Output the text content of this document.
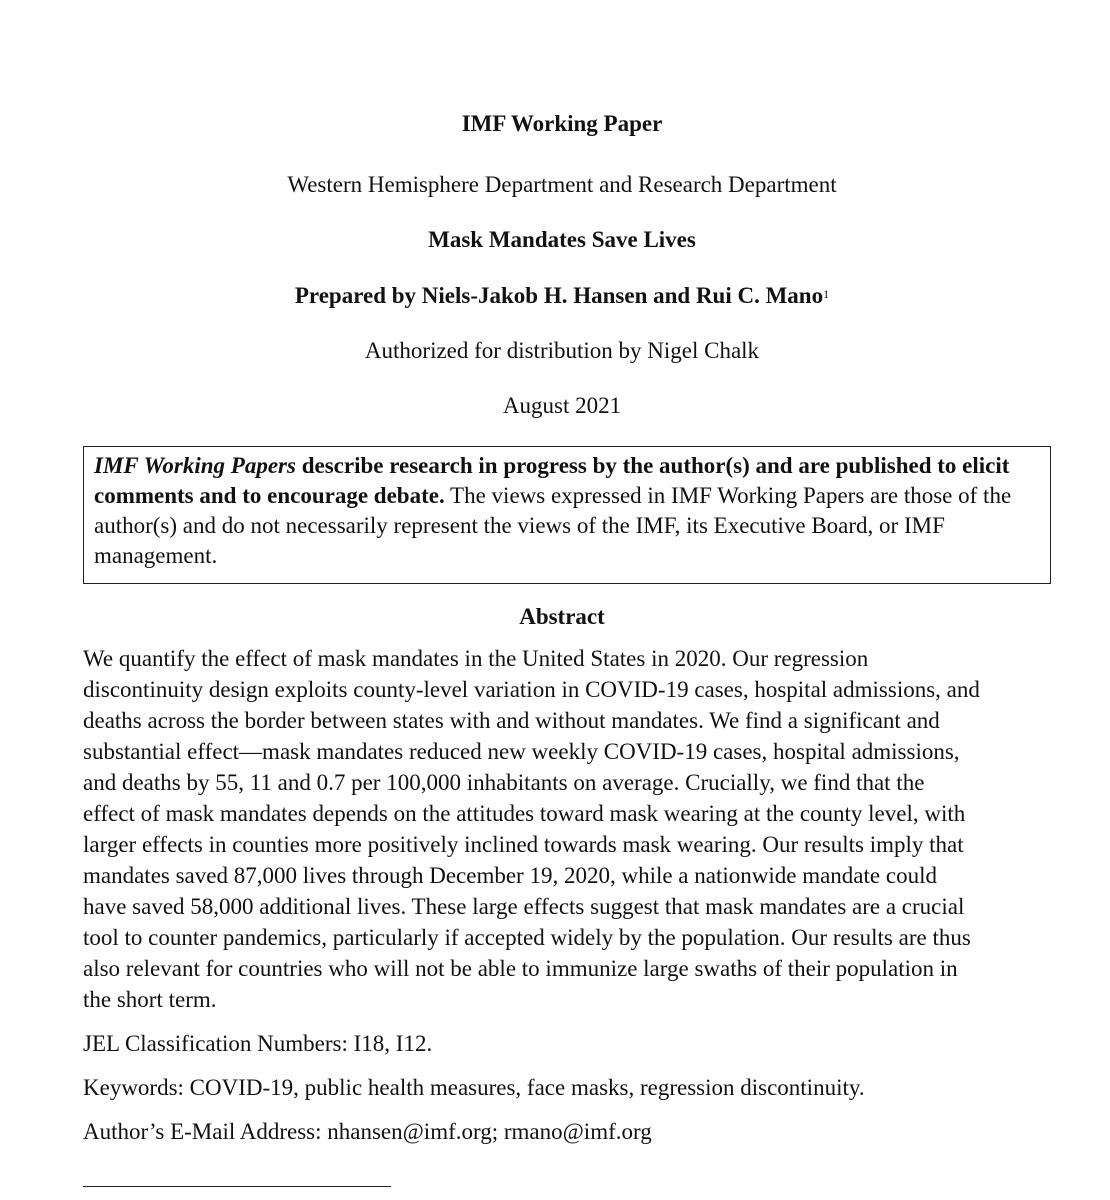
IMF Working Paper
Western Hemisphere Department and Research Department
Mask Mandates Save Lives
Prepared by Niels-Jakob H. Hansen and Rui C. Mano$^1$
Authorized for distribution by Nigel Chalk
August 2021
IMF Working Papers describe research in progress by the author(s) and are published to elicit comments and to encourage debate. The views expressed in IMF Working Papers are those of the author(s) and do not necessarily represent the views of the IMF, its Executive Board, or IMF management.
Abstract
We quantify the effect of mask mandates in the United States in 2020. Our regression
discontinuity design exploits county-level variation in COVID-19 cases, hospital admissions, and
deaths across the border between states with and without mandates. We find a significant and
substantial effect—mask mandates reduced new weekly COVID-19 cases, hospital admissions,
and deaths by 55, 11 and 0.7 per 100,000 inhabitants on average. Crucially, we find that the
effect of mask mandates depends on the attitudes toward mask wearing at the county level, with
larger effects in counties more positively inclined towards mask wearing. Our results imply that
mandates saved 87,000 lives through December 19, 2020, while a nationwide mandate could
have saved 58,000 additional lives. These large effects suggest that mask mandates are a crucial
tool to counter pandemics, particularly if accepted widely by the population. Our results are thus
also relevant for countries who will not be able to immunize large swaths of their population in
the short term.
JEL Classification Numbers: I18, I12.
Keywords: COVID-19, public health measures, face masks, regression discontinuity.
Author’s E-Mail Address: nhansen@imf.org; rmano@imf.org
